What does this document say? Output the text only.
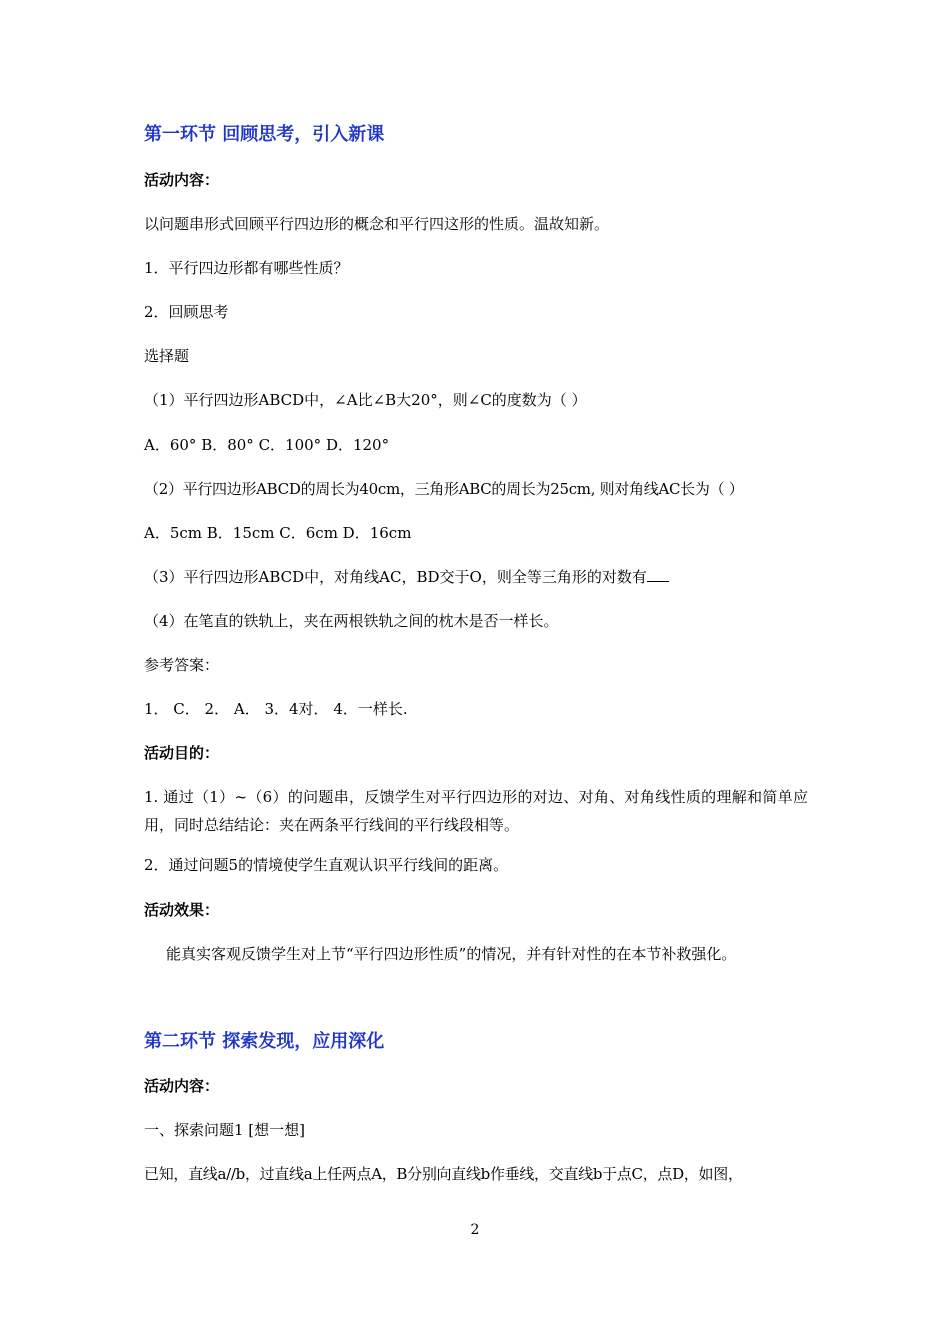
第一环节 回顾思考，引入新课
活动内容：
以问题串形式回顾平行四边形的概念和平行四这形的性质。温故知新。
1．平行四边形都有哪些性质？
2．回顾思考
选择题
（1）平行四边形ABCD中，∠A比∠B大20°，则∠C的度数为（ ）
A．60° B．80° C．100° D．120°
（2）平行四边形ABCD的周长为40cm，三角形ABC的周长为25cm, 则对角线AC长为（ ）
A．5cm B．15cm C．6cm D．16cm
（3）平行四边形ABCD中，对角线AC，BD交于O，则全等三角形的对数有
（4）在笔直的铁轨上，夹在两根铁轨之间的枕木是否一样长。
参考答案：
1． C． 2． A． 3．4对． 4．一样长.
活动目的：
1. 通过（1）~（6）的问题串，反馈学生对平行四边形的对边、对角、对角线性质的理解和简单应用，同时总结结论：夹在两条平行线间的平行线段相等。
2．通过问题5的情境使学生直观认识平行线间的距离。
活动效果：
能真实客观反馈学生对上节“平行四边形性质”的情况，并有针对性的在本节补救强化。
第二环节 探索发现，应用深化
活动内容：
一、探索问题1 [想一想]
已知，直线a//b，过直线a上任两点A，B分别向直线b作垂线，交直线b于点C，点D，如图，
2
